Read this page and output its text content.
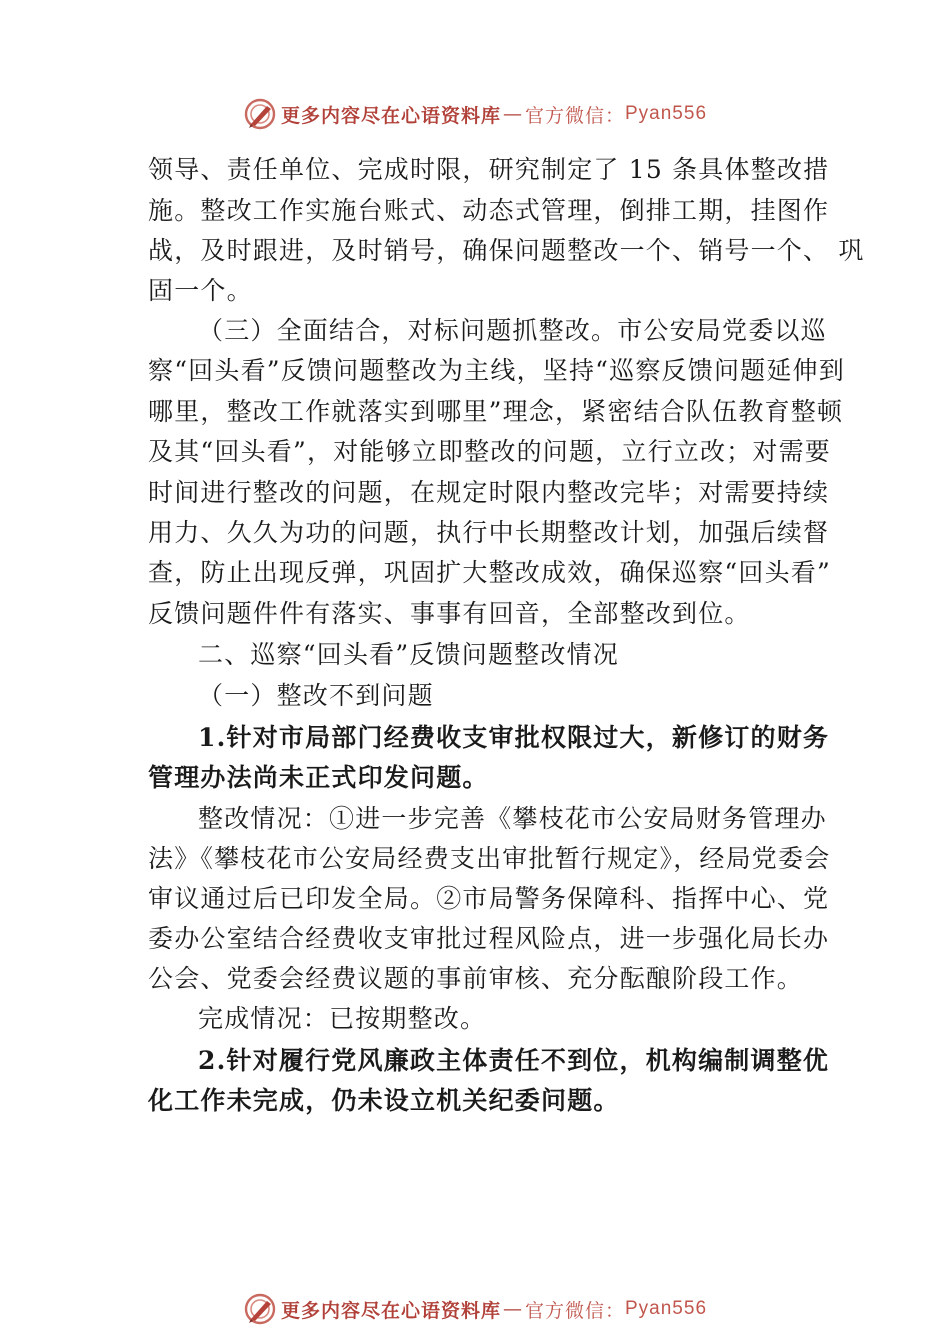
更多内容尽在心语资料库 — 官方微信： Pyan556
领导、责任单位、完成时限，研究制定了 15 条具体整改措
施。整改工作实施台账式、动态式管理，倒排工期，挂图作
战，及时跟进，及时销号，确保问题整改一个、销号一个、 巩
固一个。
（三）全面结合，对标问题抓整改。市公安局党委以巡
察“回头看”反馈问题整改为主线，坚持“巡察反馈问题延伸到
哪里，整改工作就落实到哪里”理念，紧密结合队伍教育整顿
及其“回头看”，对能够立即整改的问题，立行立改；对需要
时间进行整改的问题，在规定时限内整改完毕；对需要持续
用力、久久为功的问题，执行中长期整改计划，加强后续督
查，防止出现反弹，巩固扩大整改成效，确保巡察“回头看”
反馈问题件件有落实、事事有回音，全部整改到位。
二、巡察“回头看”反馈问题整改情况
（一）整改不到问题
1.针对市局部门经费收支审批权限过大，新修订的财务
管理办法尚未正式印发问题。
整改情况：①进一步完善《攀枝花市公安局财务管理办
法》《攀枝花市公安局经费支出审批暂行规定》，经局党委会
审议通过后已印发全局。②市局警务保障科、指挥中心、党
委办公室结合经费收支审批过程风险点，进一步强化局长办
公会、党委会经费议题的事前审核、充分酝酿阶段工作。
完成情况：已按期整改。
2.针对履行党风廉政主体责任不到位，机构编制调整优
化工作未完成，仍未设立机关纪委问题。
更多内容尽在心语资料库 — 官方微信： Pyan556
